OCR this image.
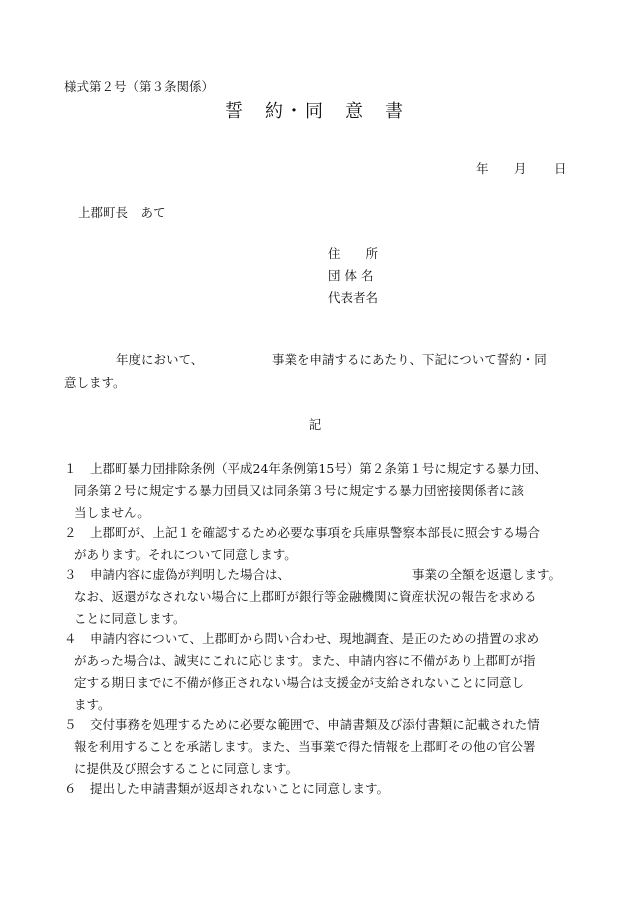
様式第２号（第３条関係）
誓　約・同　意　書
年 月 日
上郡町長　あて
住　　所
団 体 名
代表者名
年度において、	事業を申請するにあたり、下記について誓約・同
意します。
記
１	上郡町暴力団排除条例（平成24年条例第15号）第２条第１号に規定する暴力団、
同条第２号に規定する暴力団員又は同条第３号に規定する暴力団密接関係者に該
当しません。
２	上郡町が、上記１を確認するため必要な事項を兵庫県警察本部長に照会する場合
があります。それについて同意します。
３	申請内容に虚偽が判明した場合は、	事業の全額を返還します。
なお、返還がなされない場合に上郡町が銀行等金融機関に資産状況の報告を求める
ことに同意します。
４	申請内容について、上郡町から問い合わせ、現地調査、是正のための措置の求め
があった場合は、誠実にこれに応じます。また、申請内容に不備があり上郡町が指
定する期日までに不備が修正されない場合は支援金が支給されないことに同意し
ます。
５	交付事務を処理するために必要な範囲で、申請書類及び添付書類に記載された情
報を利用することを承諾します。また、当事業で得た情報を上郡町その他の官公署
に提供及び照会することに同意します。
６	提出した申請書類が返却されないことに同意します。
